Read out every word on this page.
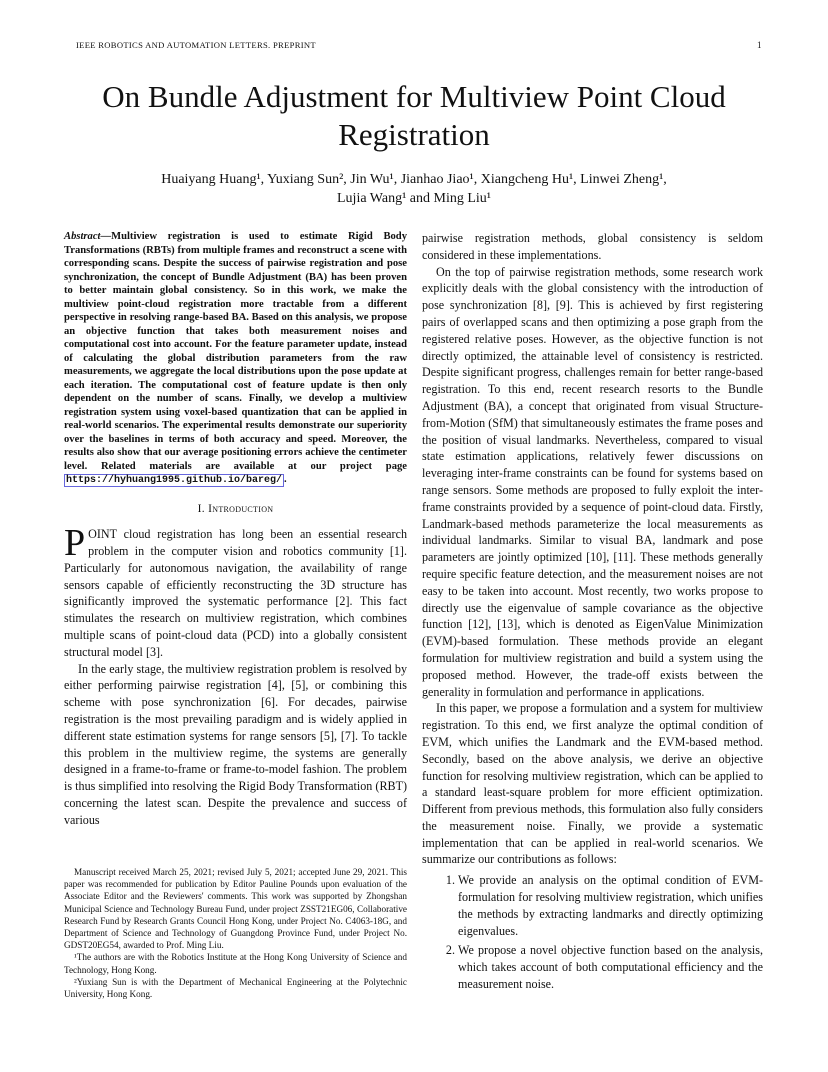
IEEE ROBOTICS AND AUTOMATION LETTERS. PREPRINT	1
On Bundle Adjustment for Multiview Point Cloud Registration
Huaiyang Huang¹, Yuxiang Sun², Jin Wu¹, Jianhao Jiao¹, Xiangcheng Hu¹, Linwei Zheng¹,
Lujia Wang¹ and Ming Liu¹
Abstract—Multiview registration is used to estimate Rigid Body Transformations (RBTs) from multiple frames and reconstruct a scene with corresponding scans. Despite the success of pairwise registration and pose synchronization, the concept of Bundle Adjustment (BA) has been proven to better maintain global consistency. So in this work, we make the multiview point-cloud registration more tractable from a different perspective in resolving range-based BA. Based on this analysis, we propose an objective function that takes both measurement noises and computational cost into account. For the feature parameter update, instead of calculating the global distribution parameters from the raw measurements, we aggregate the local distributions upon the pose update at each iteration. The computational cost of feature update is then only dependent on the number of scans. Finally, we develop a multiview registration system using voxel-based quantization that can be applied in real-world scenarios. The experimental results demonstrate our superiority over the baselines in terms of both accuracy and speed. Moreover, the results also show that our average positioning errors achieve the centimeter level. Related materials are available at our project page https://hyhuang1995.github.io/bareg/ .
I. Introduction

POINT cloud registration has long been an essential research problem in the computer vision and robotics community [1]. Particularly for autonomous navigation, the availability of range sensors capable of efficiently reconstructing the 3D structure has significantly improved the systematic performance [2]. This fact stimulates the research on multiview registration, which combines multiple scans of point-cloud data (PCD) into a globally consistent structural model [3].

In the early stage, the multiview registration problem is resolved by either performing pairwise registration [4], [5], or combining this scheme with pose synchronization [6]. For decades, pairwise registration is the most prevailing paradigm and is widely applied in different state estimation systems for range sensors [5], [7]. To tackle this problem in the multiview regime, the systems are generally designed in a frame-to-frame or frame-to-model fashion. The problem is thus simplified into resolving the Rigid Body Transformation (RBT) concerning the latest scan. Despite the prevalence and success of various

Manuscript received March 25, 2021; revised July 5, 2021; accepted June 29, 2021. This paper was recommended for publication by Editor Pauline Pounds upon evaluation of the Associate Editor and the Reviewers' comments. This work was supported by Zhongshan Municipal Science and Technology Bureau Fund, under project ZSST21EG06, Collaborative Research Fund by Research Grants Council Hong Kong, under Project No. C4063-18G, and Department of Science and Technology of Guangdong Province Fund, under Project No. GDST20EG54, awarded to Prof. Ming Liu.

¹The authors are with the Robotics Institute at the Hong Kong University of Science and Technology, Hong Kong.

²Yuxiang Sun is with the Department of Mechanical Engineering at the Polytechnic University, Hong Kong.

pairwise registration methods, global consistency is seldom considered in these implementations.

On the top of pairwise registration methods, some research work explicitly deals with the global consistency with the introduction of pose synchronization [8], [9]. This is achieved by first registering pairs of overlapped scans and then optimizing a pose graph from the registered relative poses. However, as the objective function is not directly optimized, the attainable level of consistency is restricted. Despite significant progress, challenges remain for better range-based registration. To this end, recent research resorts to the Bundle Adjustment (BA), a concept that originated from visual Structure-from-Motion (SfM) that simultaneously estimates the frame poses and the position of visual landmarks. Nevertheless, compared to visual state estimation applications, relatively fewer discussions on leveraging inter-frame constraints can be found for systems based on range sensors. Some methods are proposed to fully exploit the inter-frame constraints provided by a sequence of point-cloud data. Firstly, Landmark-based methods parameterize the local measurements as individual landmarks. Similar to visual BA, landmark and pose parameters are jointly optimized [10], [11]. These methods generally require specific feature detection, and the measurement noises are not easy to be taken into account. Most recently, two works propose to directly use the eigenvalue of sample covariance as the objective function [12], [13], which is denoted as EigenValue Minimization (EVM)-based formulation. These methods provide an elegant formulation for multiview registration and build a system using the proposed method. However, the trade-off exists between the generality in formulation and performance in applications.

In this paper, we propose a formulation and a system for multiview registration. To this end, we first analyze the optimal condition of EVM, which unifies the Landmark and the EVM-based method. Secondly, based on the above analysis, we derive an objective function for resolving multiview registration, which can be applied to a standard least-square problem for more efficient optimization. Different from previous methods, this formulation also fully considers the measurement noise. Finally, we provide a systematic implementation that can be applied in real-world scenarios. We summarize our contributions as follows:

1. We provide an analysis on the optimal condition of EVM-formulation for resolving multiview registration, which unifies the methods by extracting landmarks and directly optimizing eigenvalues.
2. We propose a novel objective function based on the analysis, which takes account of both computational efficiency and the measurement noise.
